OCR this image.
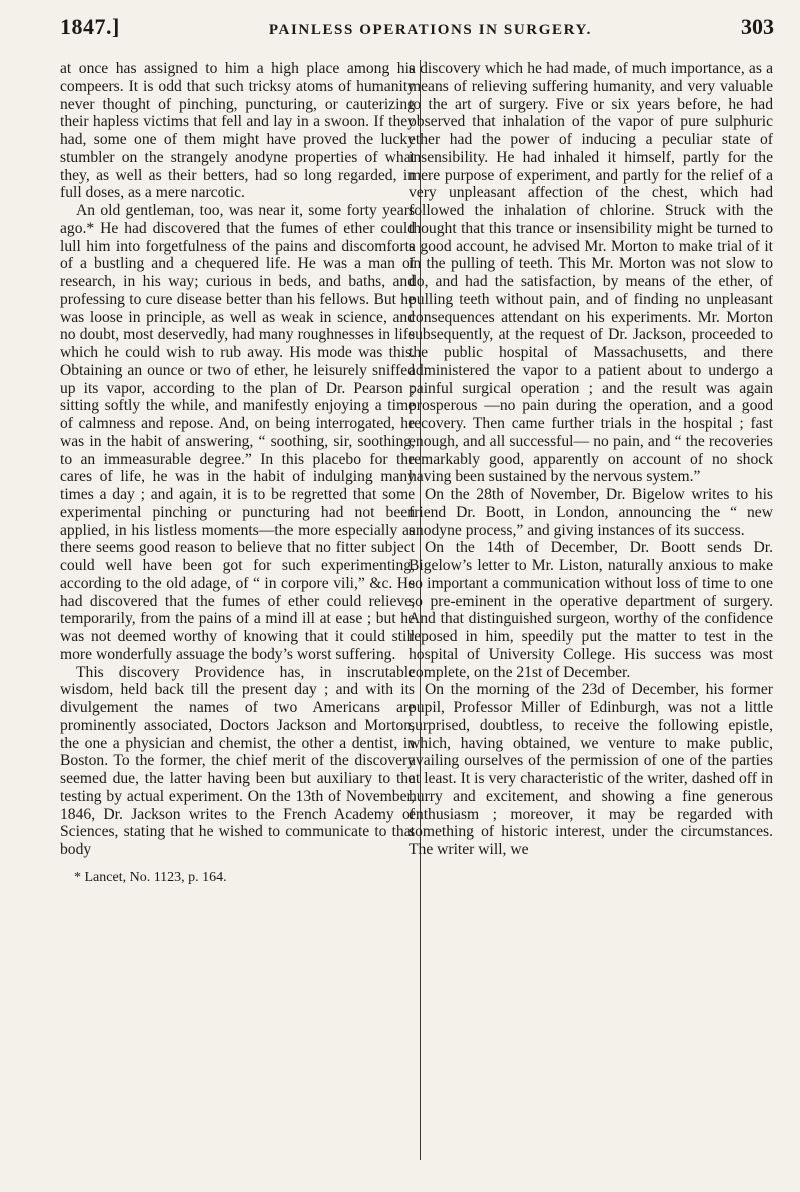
1847.]	PAINLESS OPERATIONS IN SURGERY.	303

at once has assigned to him a high place among his compeers. It is odd that such tricksy atoms of humanity never thought of pinching, puncturing, or cauterizing their hapless victims that fell and lay in a swoon. If they had, some one of them might have proved the lucky stumbler on the strangely anodyne properties of what they, as well as their betters, had so long regarded, in full doses, as a mere narcotic.

An old gentleman, too, was near it, some forty years ago.* He had discovered that the fumes of ether could lull him into forgetfulness of the pains and discomforts of a bustling and a chequered life. He was a man of research, in his way; curious in beds, and baths, and professing to cure disease better than his fellows. But he was loose in principle, as well as weak in science, and no doubt, most deservedly, had many roughnesses in life which he could wish to rub away. His mode was this. Obtaining an ounce or two of ether, he leisurely sniffed up its vapor, according to the plan of Dr. Pearson ; sitting softly the while, and manifestly enjoying a time of calmness and repose. And, on being interrogated, he was in the habit of answering, “ soothing, sir, soothing, to an immeasurable degree.” In this placebo for the cares of life, he was in the habit of indulging many times a day ; and again, it is to be regretted that some experimental pinching or puncturing had not been applied, in his listless moments—the more especially as there seems good reason to believe that no fitter subject could well have been got for such experimenting, according to the old adage, of “ in corpore vili,” &c. He had discovered that the fumes of ether could relieve, temporarily, from the pains of a mind ill at ease ; but he was not deemed worthy of knowing that it could still more wonderfully assuage the body’s worst suffering.

This discovery Providence has, in inscrutable wisdom, held back till the present day ; and with its divulgement the names of two Americans are prominently associated, Doctors Jackson and Morton, the one a physician and chemist, the other a dentist, in Boston. To the former, the chief merit of the discovery seemed due, the latter having been but auxiliary to the testing by actual experiment. On the 13th of November, 1846, Dr. Jackson writes to the French Academy of Sciences, stating that he wished to communicate to that body

* Lancet, No. 1123, p. 164.

a discovery which he had made, of much importance, as a means of relieving suffering humanity, and very valuable to the art of surgery. Five or six years before, he had observed that inhalation of the vapor of pure sulphuric ether had the power of inducing a peculiar state of insensibility. He had inhaled it himself, partly for the mere purpose of experiment, and partly for the relief of a very unpleasant affection of the chest, which had followed the inhalation of chlorine. Struck with the thought that this trance or insensibility might be turned to a good account, he advised Mr. Morton to make trial of it in the pulling of teeth. This Mr. Morton was not slow to do, and had the satisfaction, by means of the ether, of pulling teeth without pain, and of finding no unpleasant consequences attendant on his experiments. Mr. Morton subsequently, at the request of Dr. Jackson, proceeded to the public hospital of Massachusetts, and there administered the vapor to a patient about to undergo a painful surgical operation ; and the result was again prosperous —no pain during the operation, and a good recovery. Then came further trials in the hospital ; fast enough, and all successful— no pain, and “ the recoveries remarkably good, apparently on account of no shock having been sustained by the nervous system.”

On the 28th of November, Dr. Bigelow writes to his friend Dr. Boott, in London, announcing the “ new anodyne process,” and giving instances of its success.

On the 14th of December, Dr. Boott sends Dr. Bigelow’s letter to Mr. Liston, naturally anxious to make so important a communication without loss of time to one so pre-eminent in the operative department of surgery. And that distinguished surgeon, worthy of the confidence reposed in him, speedily put the matter to test in the hospital of University College. His success was most complete, on the 21st of December.

On the morning of the 23d of December, his former pupil, Professor Miller of Edinburgh, was not a little surprised, doubtless, to receive the following epistle, which, having obtained, we venture to make public, availing ourselves of the permission of one of the parties at least. It is very characteristic of the writer, dashed off in hurry and excitement, and showing a fine generous enthusiasm ; moreover, it may be regarded with something of historic interest, under the circumstances. The writer will, we
